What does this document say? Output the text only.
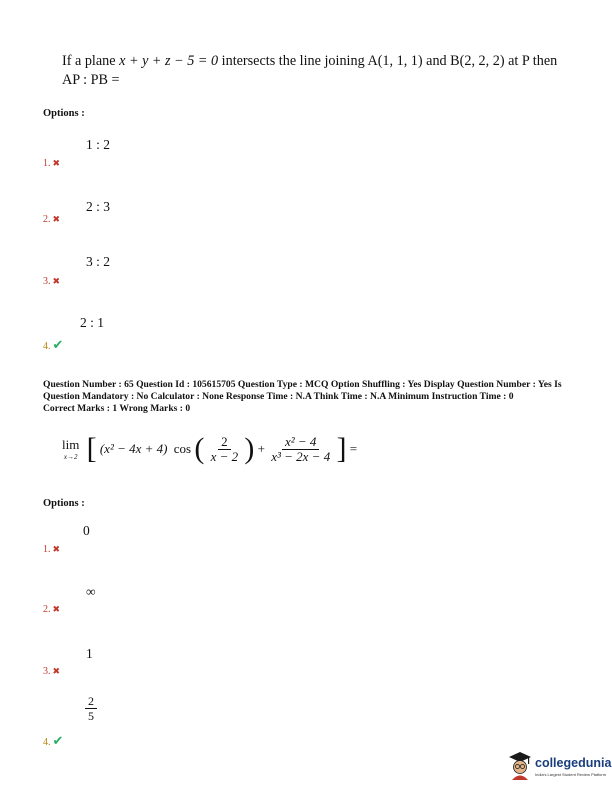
If a plane x + y + z − 5 = 0 intersects the line joining A(1, 1, 1) and B(2, 2, 2) at P then
AP : PB =
Options :
1 : 2
1. ✖
2 : 3
2. ✖
3 : 2
3. ✖
2 : 1
4. ✔
Question Number : 65 Question Id : 105615705 Question Type : MCQ Option Shuffling : Yes Display Question Number : Yes Is
Question Mandatory : No Calculator : None Response Time : N.A Think Time : N.A Minimum Instruction Time : 0
Correct Marks : 1 Wrong Marks : 0
lim
x→2 [ (x² − 4x + 4) cos ( $\frac{2}{x - 2}$ ) + $\frac{\text{x² − 4}}{\text{x³ − 2x − 4}}$ ] =
Options :
0
1. ✖
∞
2. ✖
1
3. ✖
$\frac{2}{5}$
4. ✔
collegedunia
India's Largest Student Review Platform
